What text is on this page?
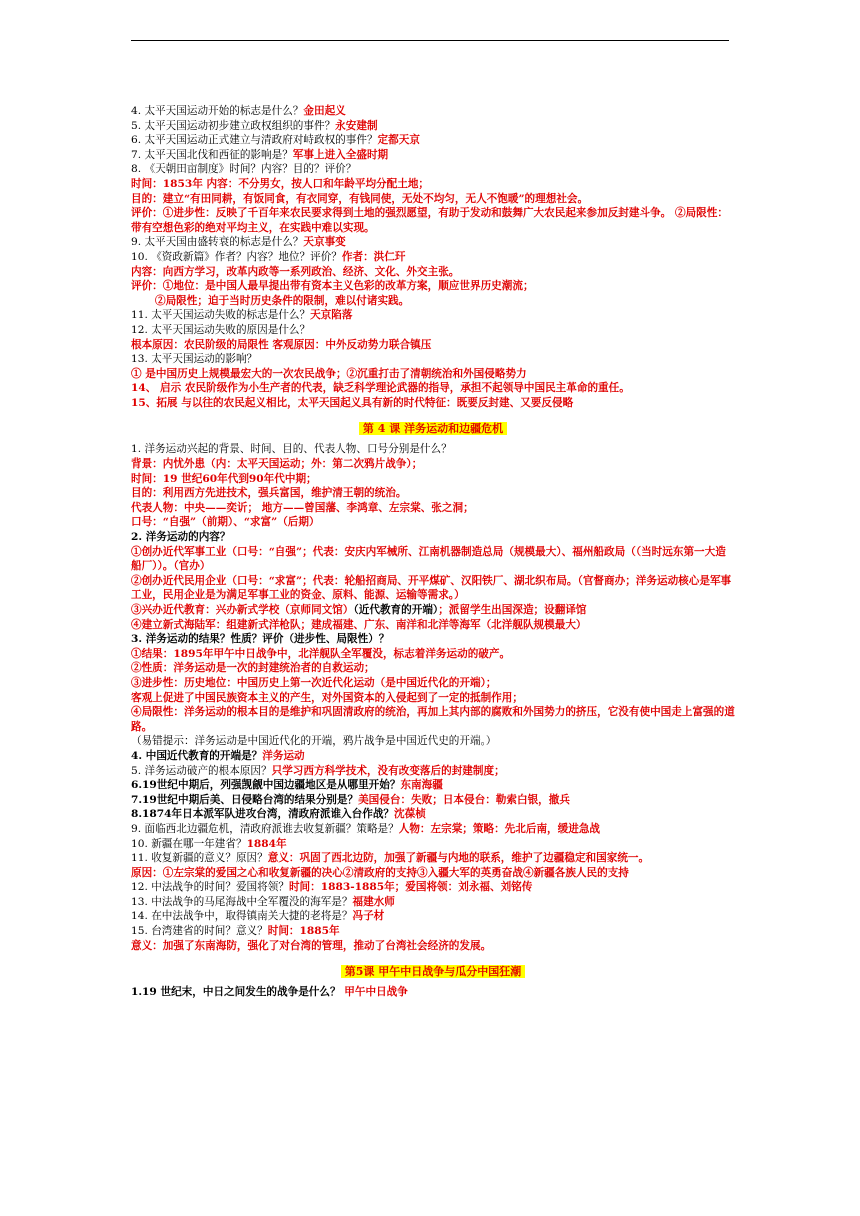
4. 太平天国运动开始的标志是什么？金田起义
5. 太平天国运动初步建立政权组织的事件？永安建制
6. 太平天国运动正式建立与清政府对峙政权的事件？定都天京
7. 太平天国北伐和西征的影响是？军事上进入全盛时期
8. 《天朝田亩制度》时间？内容？目的？评价？
时间：1853年 内容：不分男女，按人口和年龄平均分配土地；
目的：建立“有田同耕，有饭同食，有衣同穿，有钱同使，无处不均匀，无人不饱暖”的理想社会。
评价：①进步性：反映了千百年来农民要求得到土地的强烈愿望，有助于发动和鼓舞广大农民起来参加反封建斗争。 ②局限性：带有空想色彩的绝对平均主义，在实践中难以实现。
9. 太平天国由盛转衰的标志是什么？天京事变
10. 《资政新篇》作者？内容？地位？评价？作者：洪仁玕
内容：向西方学习，改革内政等一系列政治、经济、文化、外交主张。
评价：①地位：是中国人最早提出带有资本主义色彩的改革方案，顺应世界历史潮流；
②局限性；迫于当时历史条件的限制，难以付诸实践。
11. 太平天国运动失败的标志是什么？天京陷落
12. 太平天国运动失败的原因是什么？
根本原因：农民阶级的局限性 客观原因：中外反动势力联合镇压
13. 太平天国运动的影响？
① 是中国历史上规模最宏大的一次农民战争；②沉重打击了清朝统治和外国侵略势力
14、 启示 农民阶级作为小生产者的代表，缺乏科学理论武器的指导，承担不起领导中国民主革命的重任。
15、拓展 与以往的农民起义相比，太平天国起义具有新的时代特征：既要反封建、又要反侵略
第 4 课 洋务运动和边疆危机
1. 洋务运动兴起的背景、时间、目的、代表人物、口号分别是什么？
背景：内忧外患（内：太平天国运动；外：第二次鸦片战争）；
时间：19 世纪60年代到90年代中期；
目的：利用西方先进技术，强兵富国，维护清王朝的统治。
代表人物：中央——奕䜣； 地方——曾国藩、李鸿章、左宗棠、张之洞；
口号：“自强”（前期）、“求富”（后期）
2. 洋务运动的内容？
①创办近代军事工业（口号：“自强”；代表：安庆内军械所、江南机器制造总局（规模最大）、福州船政局（（当时远东第一大造船厂））。（官办）
②创办近代民用企业（口号：“求富”；代表：轮船招商局、开平煤矿、汉阳铁厂、湖北织布局。（官督商办；洋务运动核心是军事工业，民用企业是为满足军事工业的资金、原料、能源、运输等需求。）
③兴办近代教育：兴办新式学校（京师同文馆）（近代教育的开端）；派留学生出国深造；设翻译馆
④建立新式海陆军：组建新式洋枪队；建成福建、广东、南洋和北洋等海军（北洋舰队规模最大）
3. 洋务运动的结果？性质？评价（进步性、局限性）？
①结果：1895年甲午中日战争中，北洋舰队全军覆没，标志着洋务运动的破产。
②性质：洋务运动是一次的封建统治者的自救运动；
③进步性：历史地位：中国历史上第一次近代化运动（是中国近代化的开端）；
客观上促进了中国民族资本主义的产生，对外国资本的入侵起到了一定的抵制作用；
④局限性：洋务运动的根本目的是维护和巩固清政府的统治，再加上其内部的腐败和外国势力的挤压，它没有使中国走上富强的道路。
（易错提示：洋务运动是中国近代化的开端，鸦片战争是中国近代史的开端。）
4. 中国近代教育的开端是？洋务运动
5. 洋务运动破产的根本原因？只学习西方科学技术，没有改变落后的封建制度；
6.19世纪中期后，列强觊觎中国边疆地区是从哪里开始？东南海疆
7.19世纪中期后美、日侵略台湾的结果分别是？美国侵台：失败；日本侵台：勒索白银，撤兵
8.1874年日本派军队进攻台湾，清政府派谁入台作战？沈葆桢
9. 面临西北边疆危机，清政府派谁去收复新疆？策略是？人物：左宗棠；策略：先北后南，缓进急战
10. 新疆在哪一年建省？1884年
11. 收复新疆的意义？原因？意义：巩固了西北边防，加强了新疆与内地的联系，维护了边疆稳定和国家统一。
原因：①左宗棠的爱国之心和收复新疆的决心②清政府的支持③入疆大军的英勇奋战④新疆各族人民的支持
12. 中法战争的时间？爱国将领？时间：1883-1885年；爱国将领：刘永福、刘铭传
13. 中法战争的马尾海战中全军覆没的海军是？福建水师
14. 在中法战争中，取得镇南关大捷的老将是？冯子材
15. 台湾建省的时间？意义？时间：1885年
意义：加强了东南海防，强化了对台湾的管理，推动了台湾社会经济的发展。
第5课 甲午中日战争与瓜分中国狂潮
1.19 世纪末，中日之间发生的战争是什么？ 甲午中日战争
